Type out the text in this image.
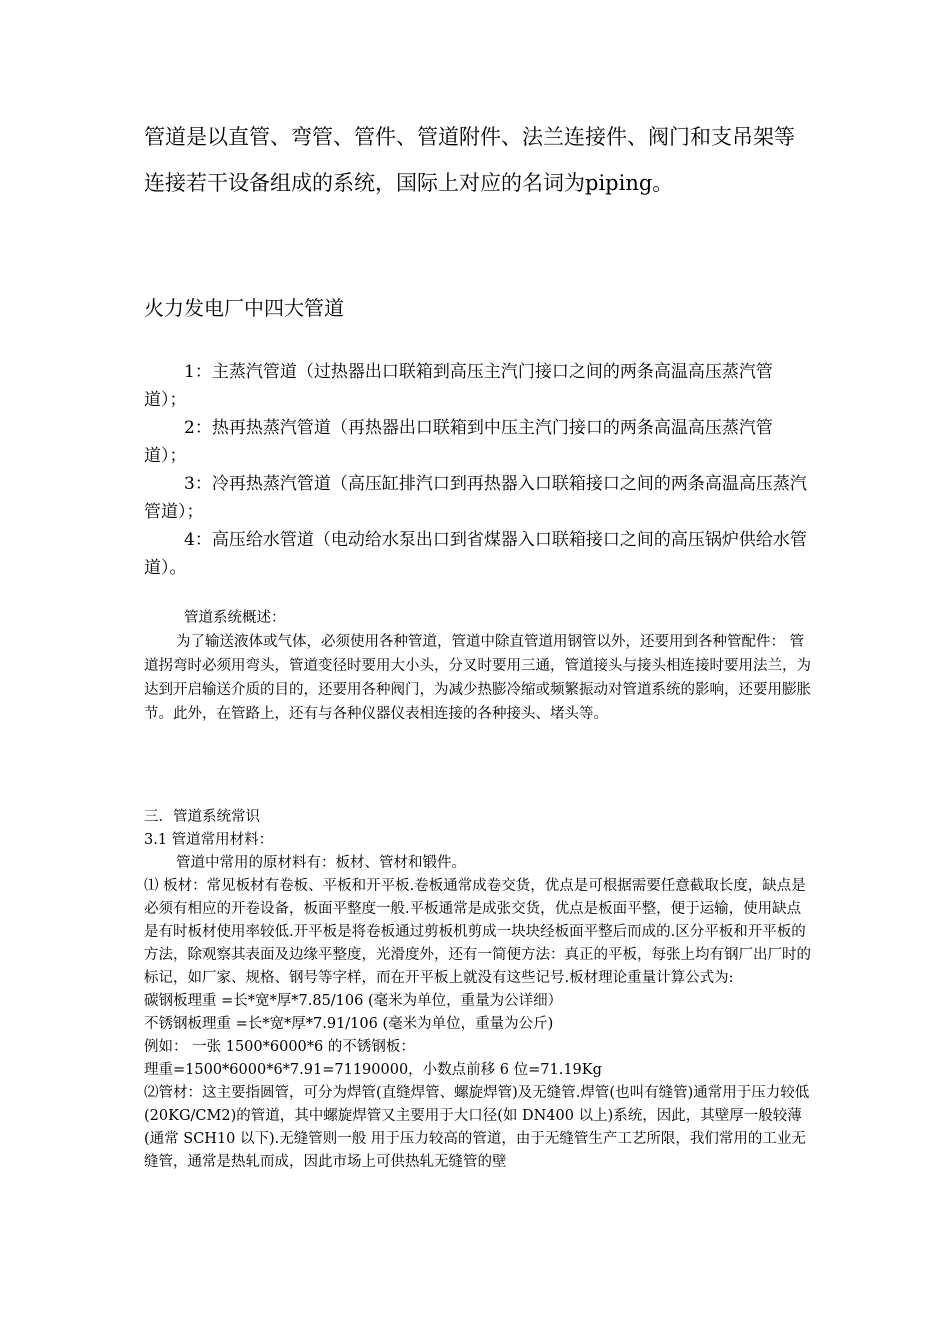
管道是以直管、弯管、管件、管道附件、法兰连接件、阀门和支吊架等连接若干设备组成的系统，国际上对应的名词为piping。

火力发电厂中四大管道

1：主蒸汽管道（过热器出口联箱到高压主汽门接口之间的两条高温高压蒸汽管道）；

2：热再热蒸汽管道（再热器出口联箱到中压主汽门接口的两条高温高压蒸汽管道）；

3：冷再热蒸汽管道（高压缸排汽口到再热器入口联箱接口之间的两条高温高压蒸汽管道）；

4：高压给水管道（电动给水泵出口到省煤器入口联箱接口之间的高压锅炉供给水管道）。

管道系统概述：

为了输送液体或气体，必须使用各种管道，管道中除直管道用钢管以外，还要用到各种管配件： 管道拐弯时必须用弯头，管道变径时要用大小头，分叉时要用三通，管道接头与接头相连接时要用法兰，为达到开启输送介质的目的，还要用各种阀门，为减少热膨冷缩或频繁振动对管道系统的影响，还要用膨胀节。此外，在管路上，还有与各种仪器仪表相连接的各种接头、堵头等。

三．管道系统常识

3.1 管道常用材料：

管道中常用的原材料有：板材、管材和锻件。

⑴ 板材：常见板材有卷板、平板和开平板.卷板通常成卷交货，优点是可根据需要任意截取长度，缺点是必须有相应的开卷设备，板面平整度一般.平板通常是成张交货，优点是板面平整，便于运输，使用缺点是有时板材使用率较低.开平板是将卷板通过剪板机剪成一块块经板面平整后而成的.区分平板和开平板的方法，除观察其表面及边缘平整度，光滑度外，还有一简便方法：真正的平板，每张上均有钢厂出厂时的标记，如厂家、规格、钢号等字样，而在开平板上就没有这些记号.板材理论重量计算公式为:

碳钢板理重 =长*宽*厚*7.85/106 (毫米为单位，重量为公详细）

不锈钢板理重 =长*宽*厚*7.91/106 (毫米为单位，重量为公斤)

例如： 一张 1500*6000*6 的不锈钢板：

理重=1500*6000*6*7.91=71190000，小数点前移 6 位=71.19Kg

⑵管材：这主要指圆管，可分为焊管(直缝焊管、螺旋焊管)及无缝管.焊管(也叫有缝管)通常用于压力较低(20KG/CM2)的管道，其中螺旋焊管又主要用于大口径(如 DN400 以上)系统，因此，其壁厚一般较薄(通常 SCH10 以下).无缝管则一般 用于压力较高的管道，由于无缝管生产工艺所限，我们常用的工业无缝管，通常是热轧而成，因此市场上可供热轧无缝管的壁
